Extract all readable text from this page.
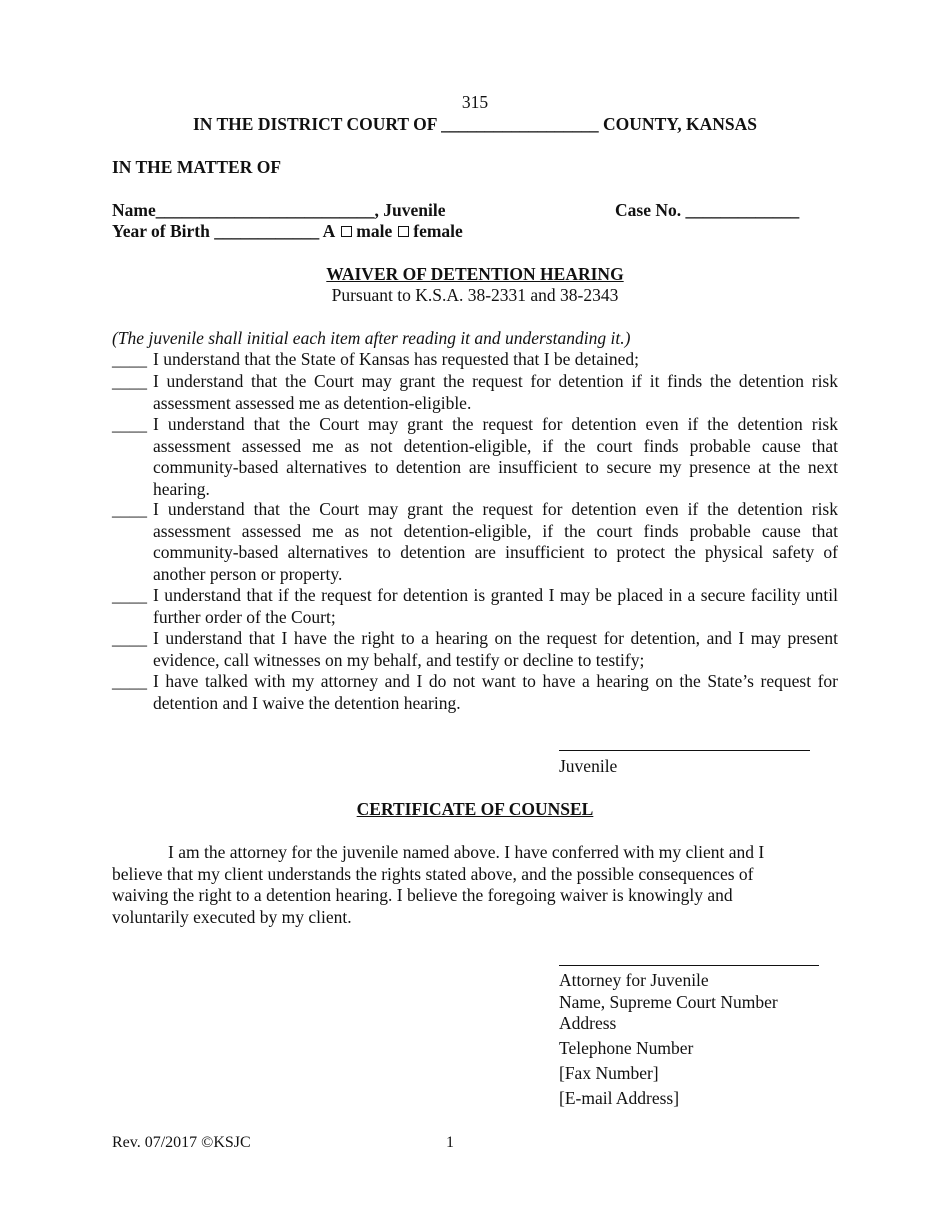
315
IN THE DISTRICT COURT OF __________________ COUNTY, KANSAS
IN THE MATTER OF
Name_________________________, Juvenile	Case No. _____________
Year of Birth ____________ A male female
WAIVER OF DETENTION HEARING
Pursuant to K.S.A. 38-2331 and 38-2343
(The juvenile shall initial each item after reading it and understanding it.)
____ I understand that the State of Kansas has requested that I be detained;
____ I understand that the Court may grant the request for detention if it finds the detention risk assessment assessed me as detention-eligible.
____ I understand that the Court may grant the request for detention even if the detention risk assessment assessed me as not detention-eligible, if the court finds probable cause that community-based alternatives to detention are insufficient to secure my presence at the next hearing.
____ I understand that the Court may grant the request for detention even if the detention risk assessment assessed me as not detention-eligible, if the court finds probable cause that community-based alternatives to detention are insufficient to protect the physical safety of another person or property.
____ I understand that if the request for detention is granted I may be placed in a secure facility until further order of the Court;
____ I understand that I have the right to a hearing on the request for detention, and I may present evidence, call witnesses on my behalf, and testify or decline to testify;
____ I have talked with my attorney and I do not want to have a hearing on the State’s request for detention and I waive the detention hearing.
Juvenile
CERTIFICATE OF COUNSEL
I am the attorney for the juvenile named above. I have conferred with my client and I believe that my client understands the rights stated above, and the possible consequences of waiving the right to a detention hearing. I believe the foregoing waiver is knowingly and voluntarily executed by my client.
Attorney for Juvenile
Name, Supreme Court Number
Address
Telephone Number
[Fax Number]
[E-mail Address]
Rev. 07/2017 ©KSJC	1
